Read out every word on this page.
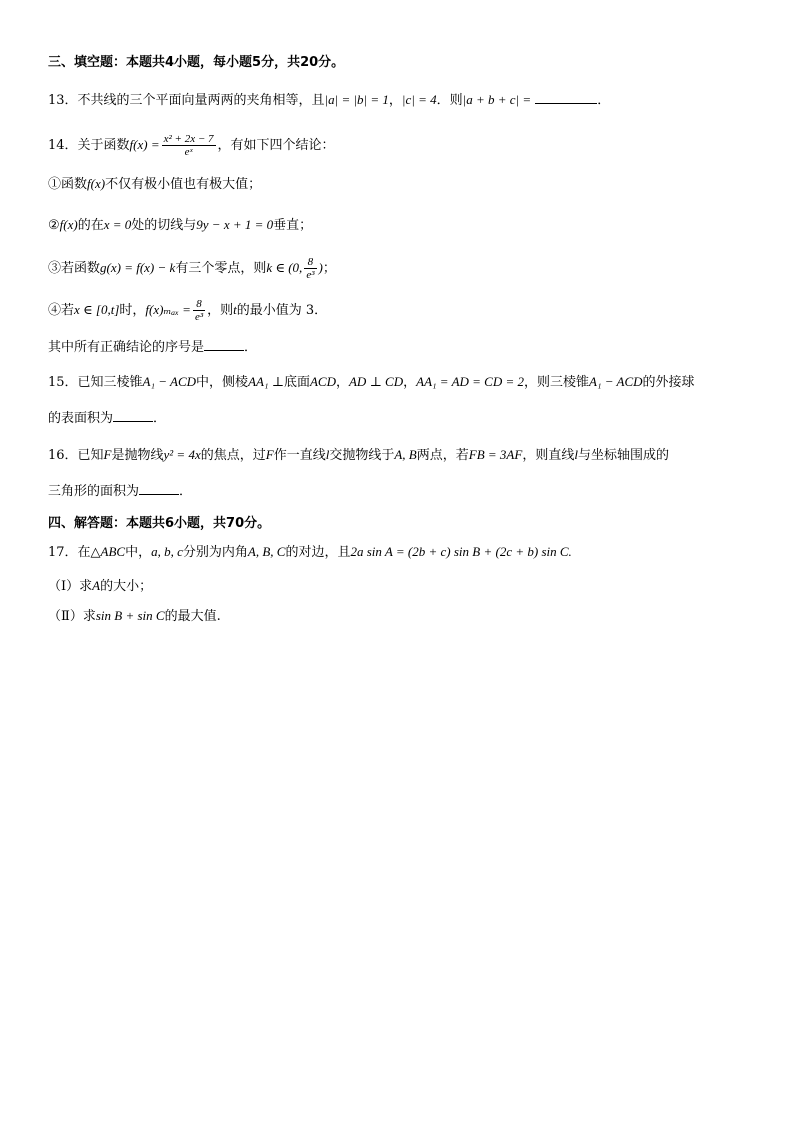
三、填空题：本题共4小题，每小题5分，共20分。
13．不共线的三个平面向量两两的夹角相等，且|a| = |b| = 1，|c| = 4．则|a + b + c| =	．
14．关于函数$f(x) = \frac{\text{x² + 2x − 7}}{\text{eˣ}}$ ，有如下四个结论：
①函数f(x)不仅有极小值也有极大值；
②f(x)的在x = 0处的切线与9y − x + 1 = 0垂直；
③若函数g(x) = f(x) − k有三个零点，则k ∈ (0, $\frac{8}{\text{e³}}$ )；
④若x ∈ [0,t]时，$f(x)_{max} = \frac{8}{\text{e³}}$ ，则t的最小值为 3．
其中所有正确结论的序号是	．
15．已知三棱锥A₁ − ACD中，侧棱AA₁ ⊥底面ACD，AD ⊥ CD，AA₁ = AD = CD = 2，则三棱锥A₁ − ACD的外接球
的表面积为	．
16．已知F是抛物线y² = 4x的焦点，过F作一直线l交抛物线于A, B两点，若FB = 3AF，则直线l与坐标轴围成的
三角形的面积为	．
四、解答题：本题共6小题，共70分。
17．在△ABC中，a, b, c分别为内角A, B, C的对边，且2a sin A = (2b + c) sin B + (2c + b) sin C.
（Ⅰ）求A的大小；
（Ⅱ）求sin B + sin C的最大值.
